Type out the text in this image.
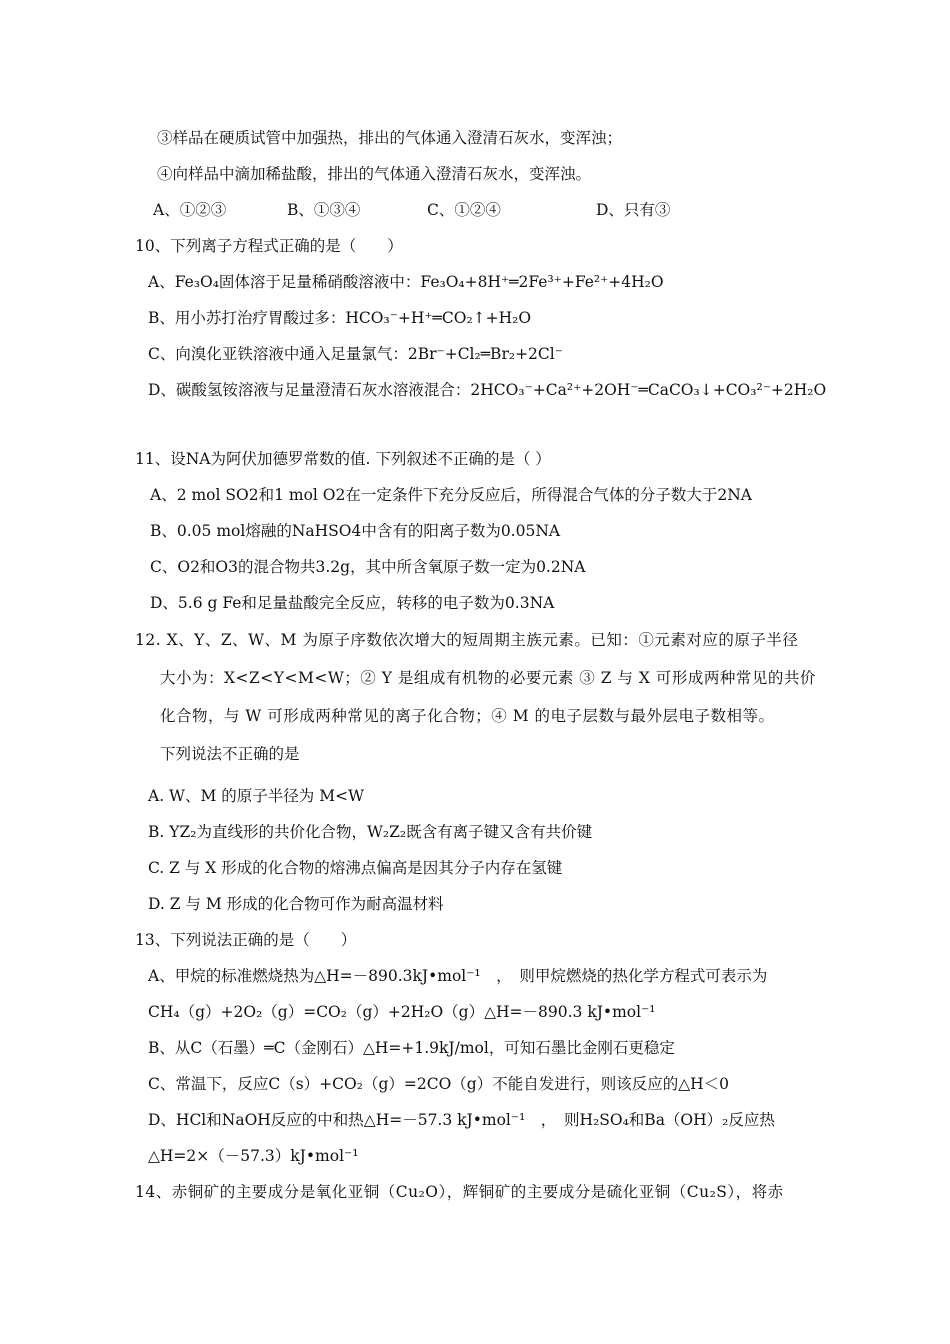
③样品在硬质试管中加强热，排出的气体通入澄清石灰水，变浑浊；
④向样品中滴加稀盐酸，排出的气体通入澄清石灰水，变浑浊。
A、①②③	B、①③④	C、①②④	D、只有③
10、下列离子方程式正确的是（　　）
A、Fe₃O₄固体溶于足量稀硝酸溶液中：Fe₃O₄+8H⁺═2Fe³⁺+Fe²⁺+4H₂O
B、用小苏打治疗胃酸过多：HCO₃⁻+H⁺═CO₂↑+H₂O
C、向溴化亚铁溶液中通入足量氯气：2Br⁻+Cl₂═Br₂+2Cl⁻
D、碳酸氢铵溶液与足量澄清石灰水溶液混合：2HCO₃⁻+Ca²⁺+2OH⁻═CaCO₃↓+CO₃²⁻+2H₂O
11、设NA为阿伏加德罗常数的值. 下列叙述不正确的是（ ）
A、2 mol SO2和1 mol O2在一定条件下充分反应后，所得混合气体的分子数大于2NA
B、0.05 mol熔融的NaHSO4中含有的阳离子数为0.05NA
C、O2和O3的混合物共3.2g，其中所含氧原子数一定为0.2NA
D、5.6 g Fe和足量盐酸完全反应，转移的电子数为0.3NA
12. X、Y、Z、W、M 为原子序数依次增大的短周期主族元素。已知：①元素对应的原子半径
大小为：X<Z<Y<M<W；② Y 是组成有机物的必要元素 ③ Z 与 X 可形成两种常见的共价
化合物，与 W 可形成两种常见的离子化合物；④ M 的电子层数与最外层电子数相等。
下列说法不正确的是
A. W、M 的原子半径为 M<W
B. YZ₂为直线形的共价化合物，W₂Z₂既含有离子键又含有共价键
C. Z 与 X 形成的化合物的熔沸点偏高是因其分子内存在氢键
D. Z 与 M 形成的化合物可作为耐高温材料
13、下列说法正确的是（　　）
A、甲烷的标准燃烧热为△H=－890.3kJ•mol⁻¹　，　则甲烷燃烧的热化学方程式可表示为
CH₄（g）+2O₂（g）=CO₂（g）+2H₂O（g）△H=－890.3 kJ•mol⁻¹
B、从C（石墨）═C（金刚石）△H=+1.9kJ/mol，可知石墨比金刚石更稳定
C、常温下，反应C（s）+CO₂（g）=2CO（g）不能自发进行，则该反应的△H＜0
D、HCl和NaOH反应的中和热△H=－57.3 kJ•mol⁻¹　，　则H₂SO₄和Ba（OH）₂反应热
△H=2×（－57.3）kJ•mol⁻¹
14、赤铜矿的主要成分是氧化亚铜（Cu₂O），辉铜矿的主要成分是硫化亚铜（Cu₂S），将赤
